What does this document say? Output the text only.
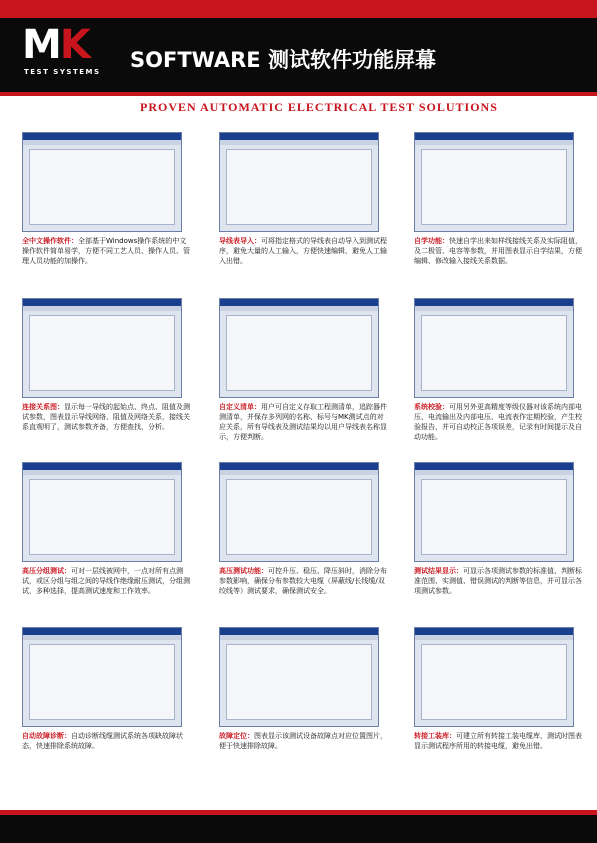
MK
TEST SYSTEMS SOFTWARE 测试软件功能屏幕
PROVEN AUTOMATIC ELECTRICAL TEST SOLUTIONS
全中文操作软件：全部基于Windows操作系统的中文操作软件简单易学，方便不同工艺人员、操作人员、管理人员功能的加操作。
导线表导入：可将指定格式的导线表自动导入到测试程序，避免大量的人工输入，方便快速编辑，避免人工输入出错。
自学功能：快速自学出来如样线接线关系及实际阻值，及二极管、电容等参数，并用图表显示自学结果，方便编辑、修改输入接线关系数据。
连接关系图：显示每一导线的起始点、终点、阻值及测试参数，图表显示导线网络、阻值及网络关系，接线关系直观明了，测试参数齐备，方便查找、分析。
自定义清单：用户可自定义存取工程测清单，追踪器件测清单，并保存多列网的名称、标号与MK测试点的对应关系，所有导线表及测试结果均以用户导线表名称显示，方便判断。
系统校验：可用另外更高精度等级仪器对该系统内部电压、电流输出及内部电压、电流表作定期校验，产生校验报告，并可自动校正各项误差，记录有时间提示及自动功能。
高压分组测试：可对一层线被网中，一点对所有点测试，或区分组与组之间的导线作绝缘耐压测试，分组测试，多种选择，提高测试速度和工作效率。
高压测试功能：可控升压、稳压、降压斜时，消除分布参数影响，确保分布参数较大电缆（屏蔽线/长线缆/双绞线等）测试要求，确保测试安全。
测试结果显示：可显示各项测试参数的标准值、判断标准范围、实测值、错误测试的判断等信息，并可显示各项测试参数。
自动故障诊断：自动诊断线缆测试系统各项缺故障状态，快速排除系统故障。
故障定位：图表显示该测试设备故障点对应位置图片，便于快速排除故障。
转接工装库：可建立所有转接工装电缆库，测试时图表显示测试程序所用的转接电缆，避免出错。
